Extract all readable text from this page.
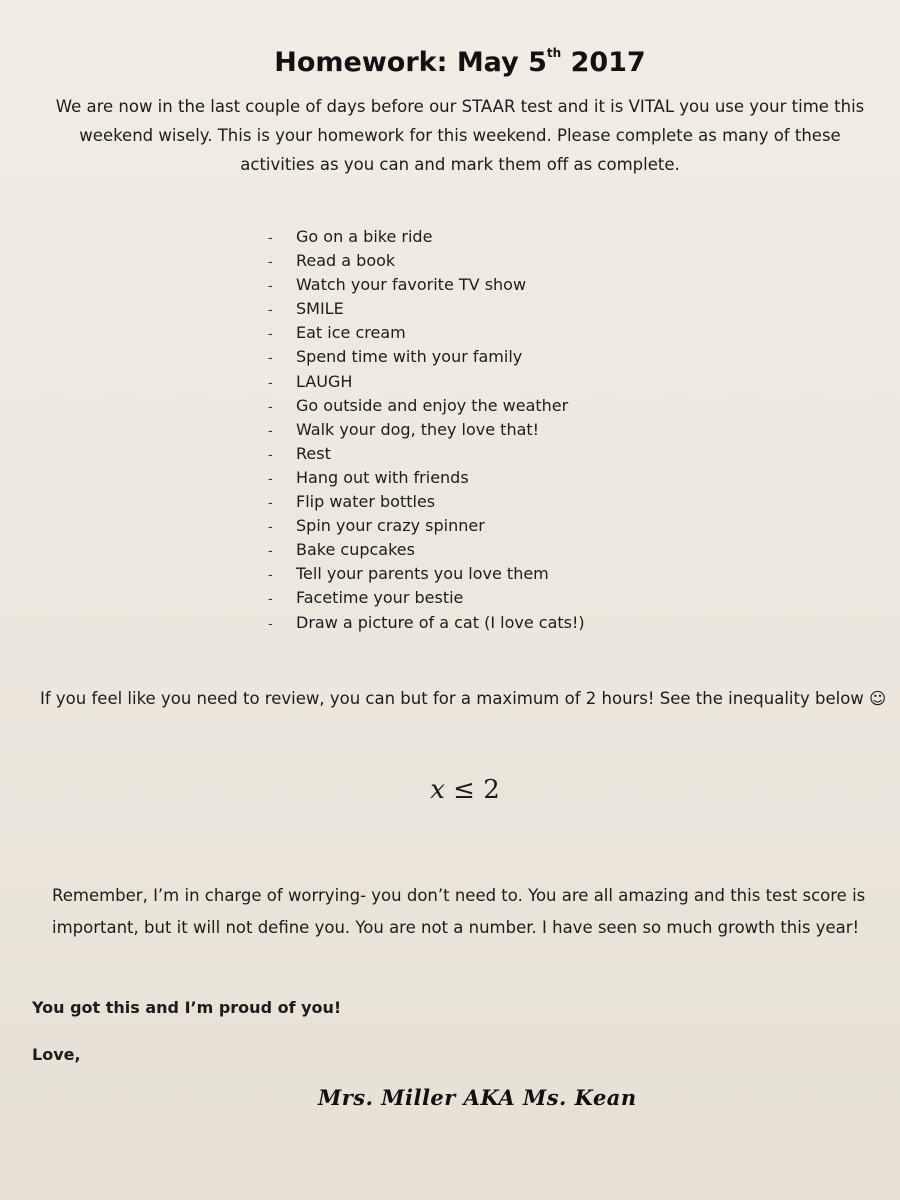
Homework: May 5th 2017
We are now in the last couple of days before our STAAR test and it is VITAL you use your time this weekend wisely. This is your homework for this weekend. Please complete as many of these activities as you can and mark them off as complete.
- Go on a bike ride
- Read a book
- Watch your favorite TV show
- SMILE
- Eat ice cream
- Spend time with your family
- LAUGH
- Go outside and enjoy the weather
- Walk your dog, they love that!
- Rest
- Hang out with friends
- Flip water bottles
- Spin your crazy spinner
- Bake cupcakes
- Tell your parents you love them
- Facetime your bestie
- Draw a picture of a cat (I love cats!)
If you feel like you need to review, you can but for a maximum of 2 hours! See the inequality below ☺
x ≤ 2
Remember, I’m in charge of worrying- you don’t need to. You are all amazing and this test score is
important, but it will not define you. You are not a number. I have seen so much growth this year!
You got this and I’m proud of you!
Love,
Mrs. Miller AKA Ms. Kean
